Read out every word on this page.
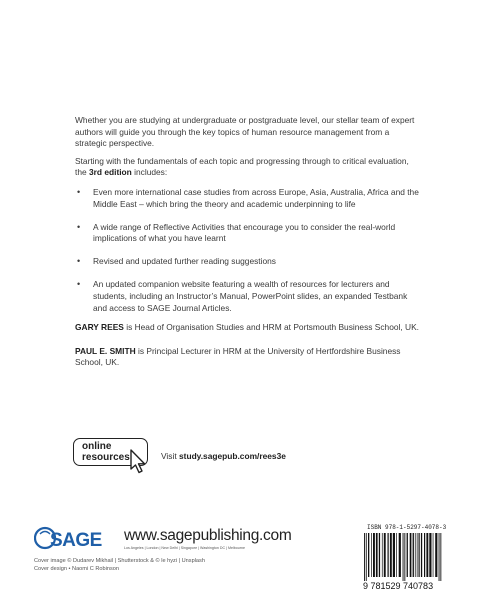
Whether you are studying at undergraduate or postgraduate level, our stellar team of expert authors will guide you through the key topics of human resource management from a strategic perspective.

Starting with the fundamentals of each topic and progressing through to critical evaluation, the 3rd edition includes:

• Even more international case studies from across Europe, Asia, Australia, Africa and the Middle East – which bring the theory and academic underpinning to life
• A wide range of Reflective Activities that encourage you to consider the real-world implications of what you have learnt
• Revised and updated further reading suggestions
• An updated companion website featuring a wealth of resources for lecturers and students, including an Instructor’s Manual, PowerPoint slides, an expanded Testbank and access to SAGE Journal Articles.

GARY REES is Head of Organisation Studies and HRM at Portsmouth Business School, UK.

PAUL E. SMITH is Principal Lecturer in HRM at the University of Hertfordshire Business School, UK.

online
resources	Visit study.sagepub.com/rees3e
SAGE www.sagepublishing.com
Los Angeles | London | New Delhi | Singapore | Washington DC | Melbourne
Cover image © Dudarev Mikhail | Shutterstock & © le hyzi | Unsplash
Cover design • Naomi C Robinson
ISBN 978-1-5297-4078-3
9 781529 740783
